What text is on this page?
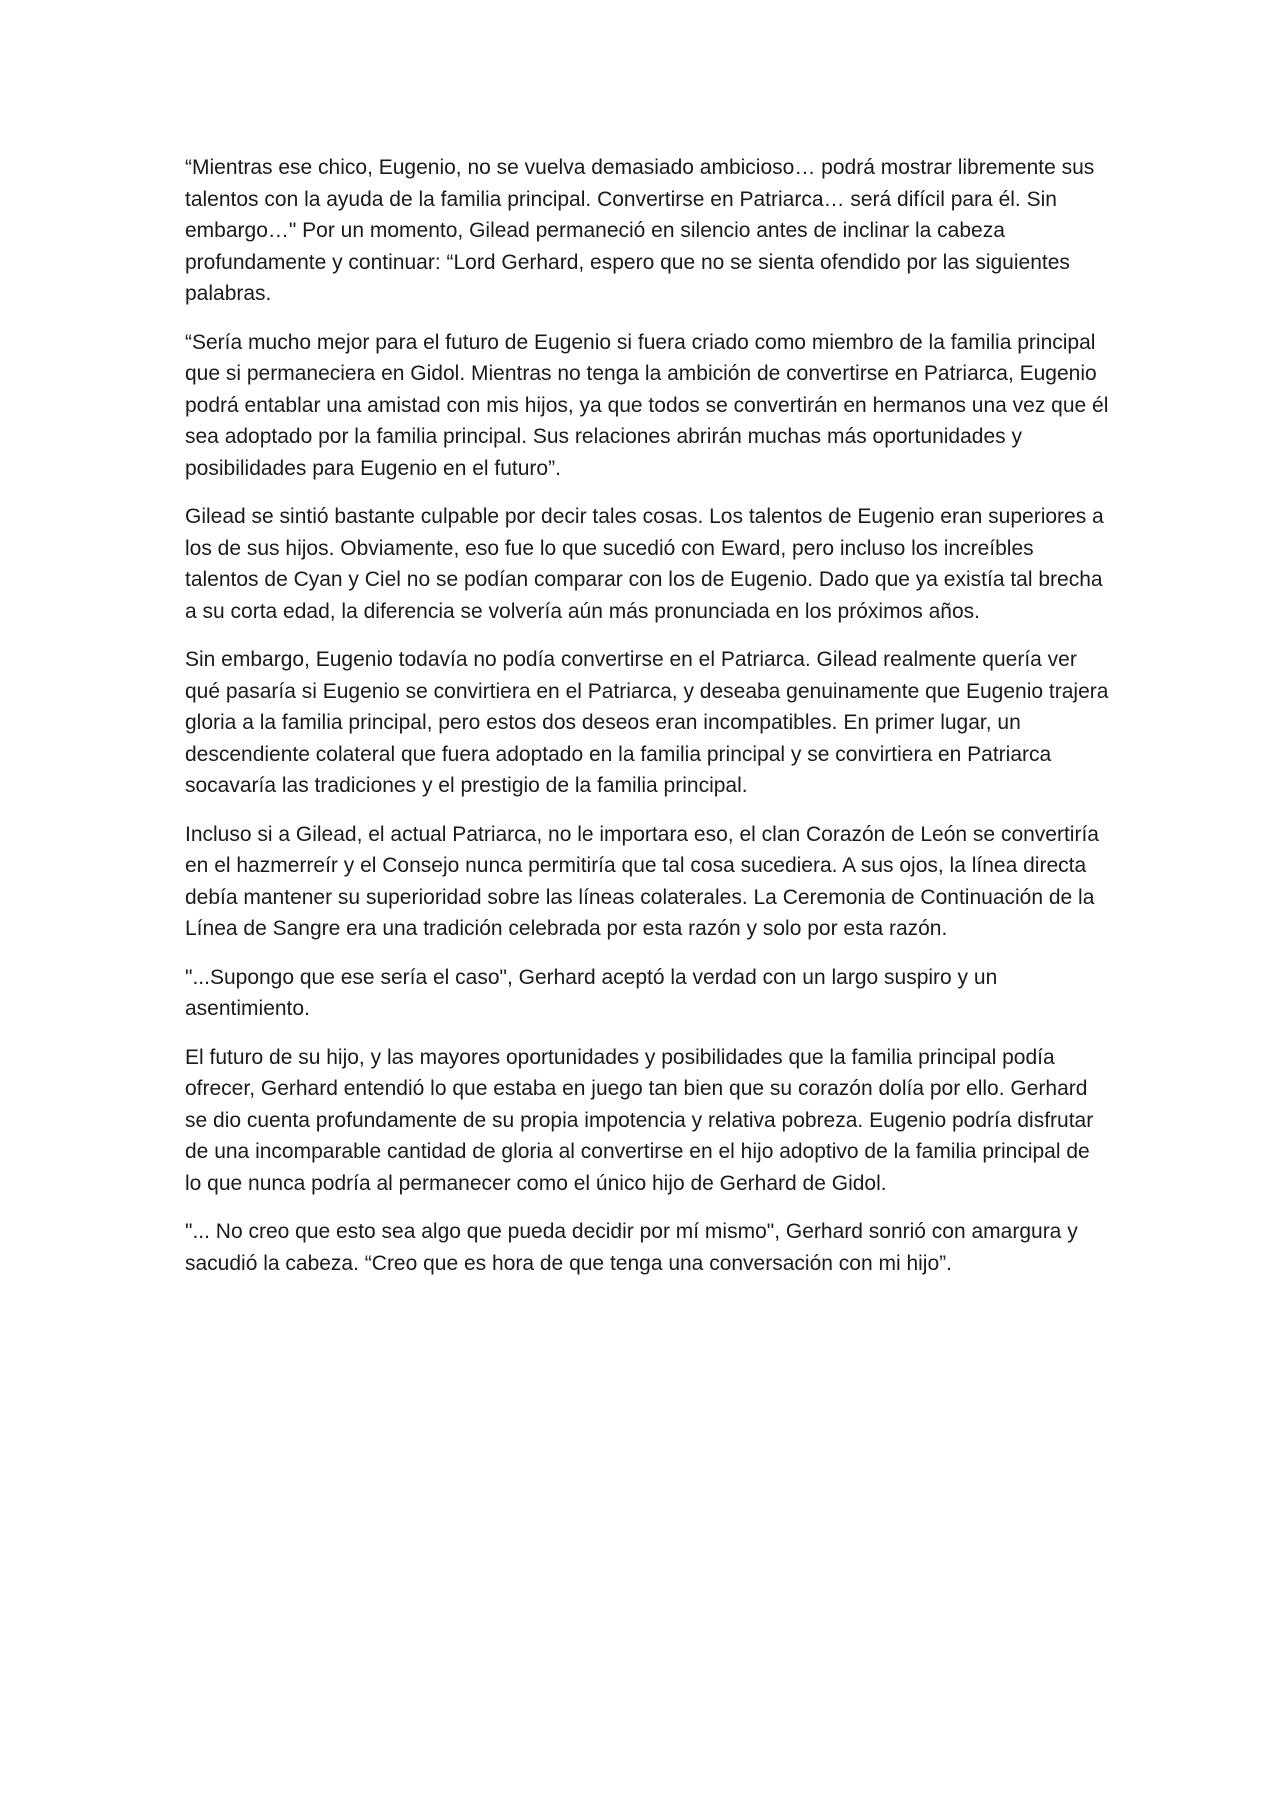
“Mientras ese chico, Eugenio, no se vuelva demasiado ambicioso… podrá mostrar libremente sus talentos con la ayuda de la familia principal. Convertirse en Patriarca… será difícil para él. Sin embargo…" Por un momento, Gilead permaneció en silencio antes de inclinar la cabeza profundamente y continuar: “Lord Gerhard, espero que no se sienta ofendido por las siguientes palabras.

“Sería mucho mejor para el futuro de Eugenio si fuera criado como miembro de la familia principal que si permaneciera en Gidol. Mientras no tenga la ambición de convertirse en Patriarca, Eugenio podrá entablar una amistad con mis hijos, ya que todos se convertirán en hermanos una vez que él sea adoptado por la familia principal. Sus relaciones abrirán muchas más oportunidades y posibilidades para Eugenio en el futuro”.

Gilead se sintió bastante culpable por decir tales cosas. Los talentos de Eugenio eran superiores a los de sus hijos. Obviamente, eso fue lo que sucedió con Eward, pero incluso los increíbles talentos de Cyan y Ciel no se podían comparar con los de Eugenio. Dado que ya existía tal brecha a su corta edad, la diferencia se volvería aún más pronunciada en los próximos años.

Sin embargo, Eugenio todavía no podía convertirse en el Patriarca. Gilead realmente quería ver qué pasaría si Eugenio se convirtiera en el Patriarca, y deseaba genuinamente que Eugenio trajera gloria a la familia principal, pero estos dos deseos eran incompatibles. En primer lugar, un descendiente colateral que fuera adoptado en la familia principal y se convirtiera en Patriarca socavaría las tradiciones y el prestigio de la familia principal.

Incluso si a Gilead, el actual Patriarca, no le importara eso, el clan Corazón de León se convertiría en el hazmerreír y el Consejo nunca permitiría que tal cosa sucediera. A sus ojos, la línea directa debía mantener su superioridad sobre las líneas colaterales. La Ceremonia de Continuación de la Línea de Sangre era una tradición celebrada por esta razón y solo por esta razón.

"...Supongo que ese sería el caso", Gerhard aceptó la verdad con un largo suspiro y un asentimiento.

El futuro de su hijo, y las mayores oportunidades y posibilidades que la familia principal podía ofrecer, Gerhard entendió lo que estaba en juego tan bien que su corazón dolía por ello. Gerhard se dio cuenta profundamente de su propia impotencia y relativa pobreza. Eugenio podría disfrutar de una incomparable cantidad de gloria al convertirse en el hijo adoptivo de la familia principal de lo que nunca podría al permanecer como el único hijo de Gerhard de Gidol.

"... No creo que esto sea algo que pueda decidir por mí mismo", Gerhard sonrió con amargura y sacudió la cabeza. “Creo que es hora de que tenga una conversación con mi hijo”.
